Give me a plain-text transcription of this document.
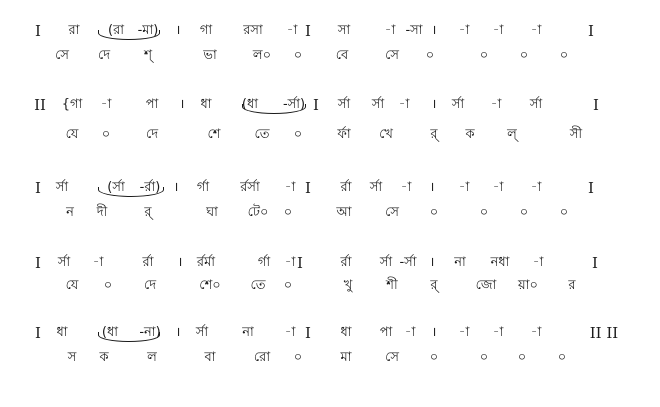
I রা (রা -মা) । গা রসা -া I সা	-া -সা । -া -া -া	I
সে দে	শ্	ভা	ল০ ০	বে	সে ০	০ ০ ০
II {গা -া	পা । ধা (ধা -র্সা) I র্সা র্সা -া । র্সা -া র্সা	I
যে ০	দে	শে	তে ০	র্ফা খে	র্ ক	ল্	সী
I র্সা	(র্সা -র্রা) । র্গা র্রর্সা -া I র্রা র্সা -া । -া -া -া	I
ন দী	র্	ঘা টে০ ০	আ	সে ০	০ ০ ০
I র্সা -া	র্রা । র্রর্মা	র্গা -া I	র্রা র্সা -র্সা । না নধা -া	I
যে ০ দে	শে০ তে ০	খু	শী	র্	জো য়া০ র
I ধা	(ধা -না) । র্সা	না -া I ধা পা -া । -া -া -া	II II
স ক	ল	বা	রো ০	মা	সে ০	০ ০ ০
